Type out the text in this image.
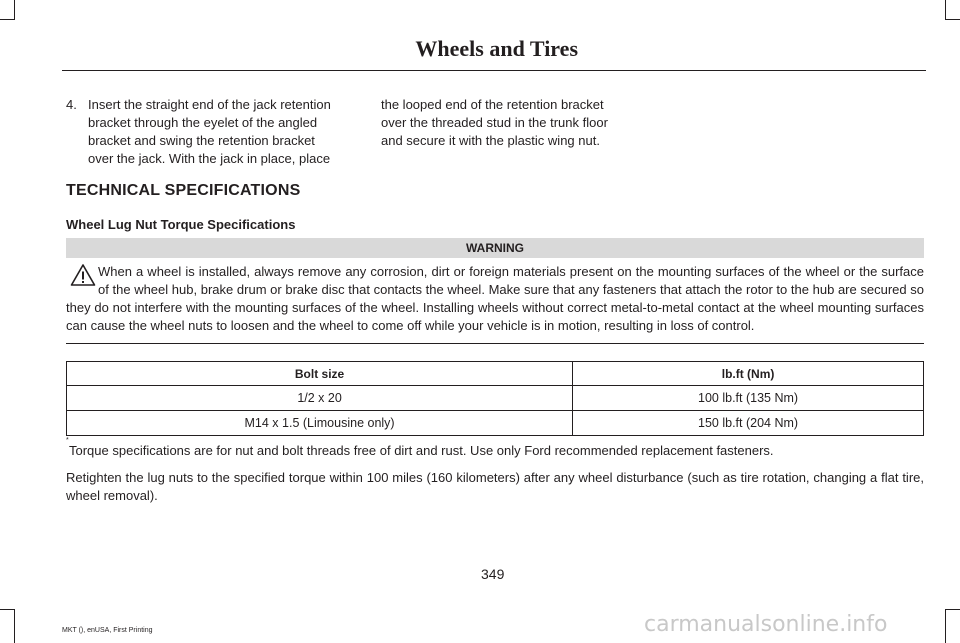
Wheels and Tires
4. Insert the straight end of the jack retention bracket through the eyelet of the angled bracket and swing the retention bracket over the jack. With the jack in place, place the looped end of the retention bracket over the threaded stud in the trunk floor and secure it with the plastic wing nut.

TECHNICAL SPECIFICATIONS
Wheel Lug Nut Torque Specifications
WARNING

When a wheel is installed, always remove any corrosion, dirt or foreign materials present on the mounting surfaces of the wheel or the surface of the wheel hub, brake drum or brake disc that contacts the wheel. Make sure that any fasteners that attach the rotor to the hub are secured so they do not interfere with the mounting surfaces of the wheel. Installing wheels without correct metal-to-metal contact at the wheel mounting surfaces can cause the wheel nuts to loosen and the wheel to come off while your vehicle is in motion, resulting in loss of control.

Bolt size	lb.ft (Nm)
1/2 x 20	100 lb.ft (135 Nm)
M14 x 1.5 (Limousine only)	150 lb.ft (204 Nm)
*
Torque specifications are for nut and bolt threads free of dirt and rust. Use only Ford recommended replacement fasteners.

Retighten the lug nuts to the specified torque within 100 miles (160 kilometers) after any wheel disturbance (such as tire rotation, changing a flat tire, wheel removal).

349
MKT (), enUSA, First Printing	carmanualsonline.info
